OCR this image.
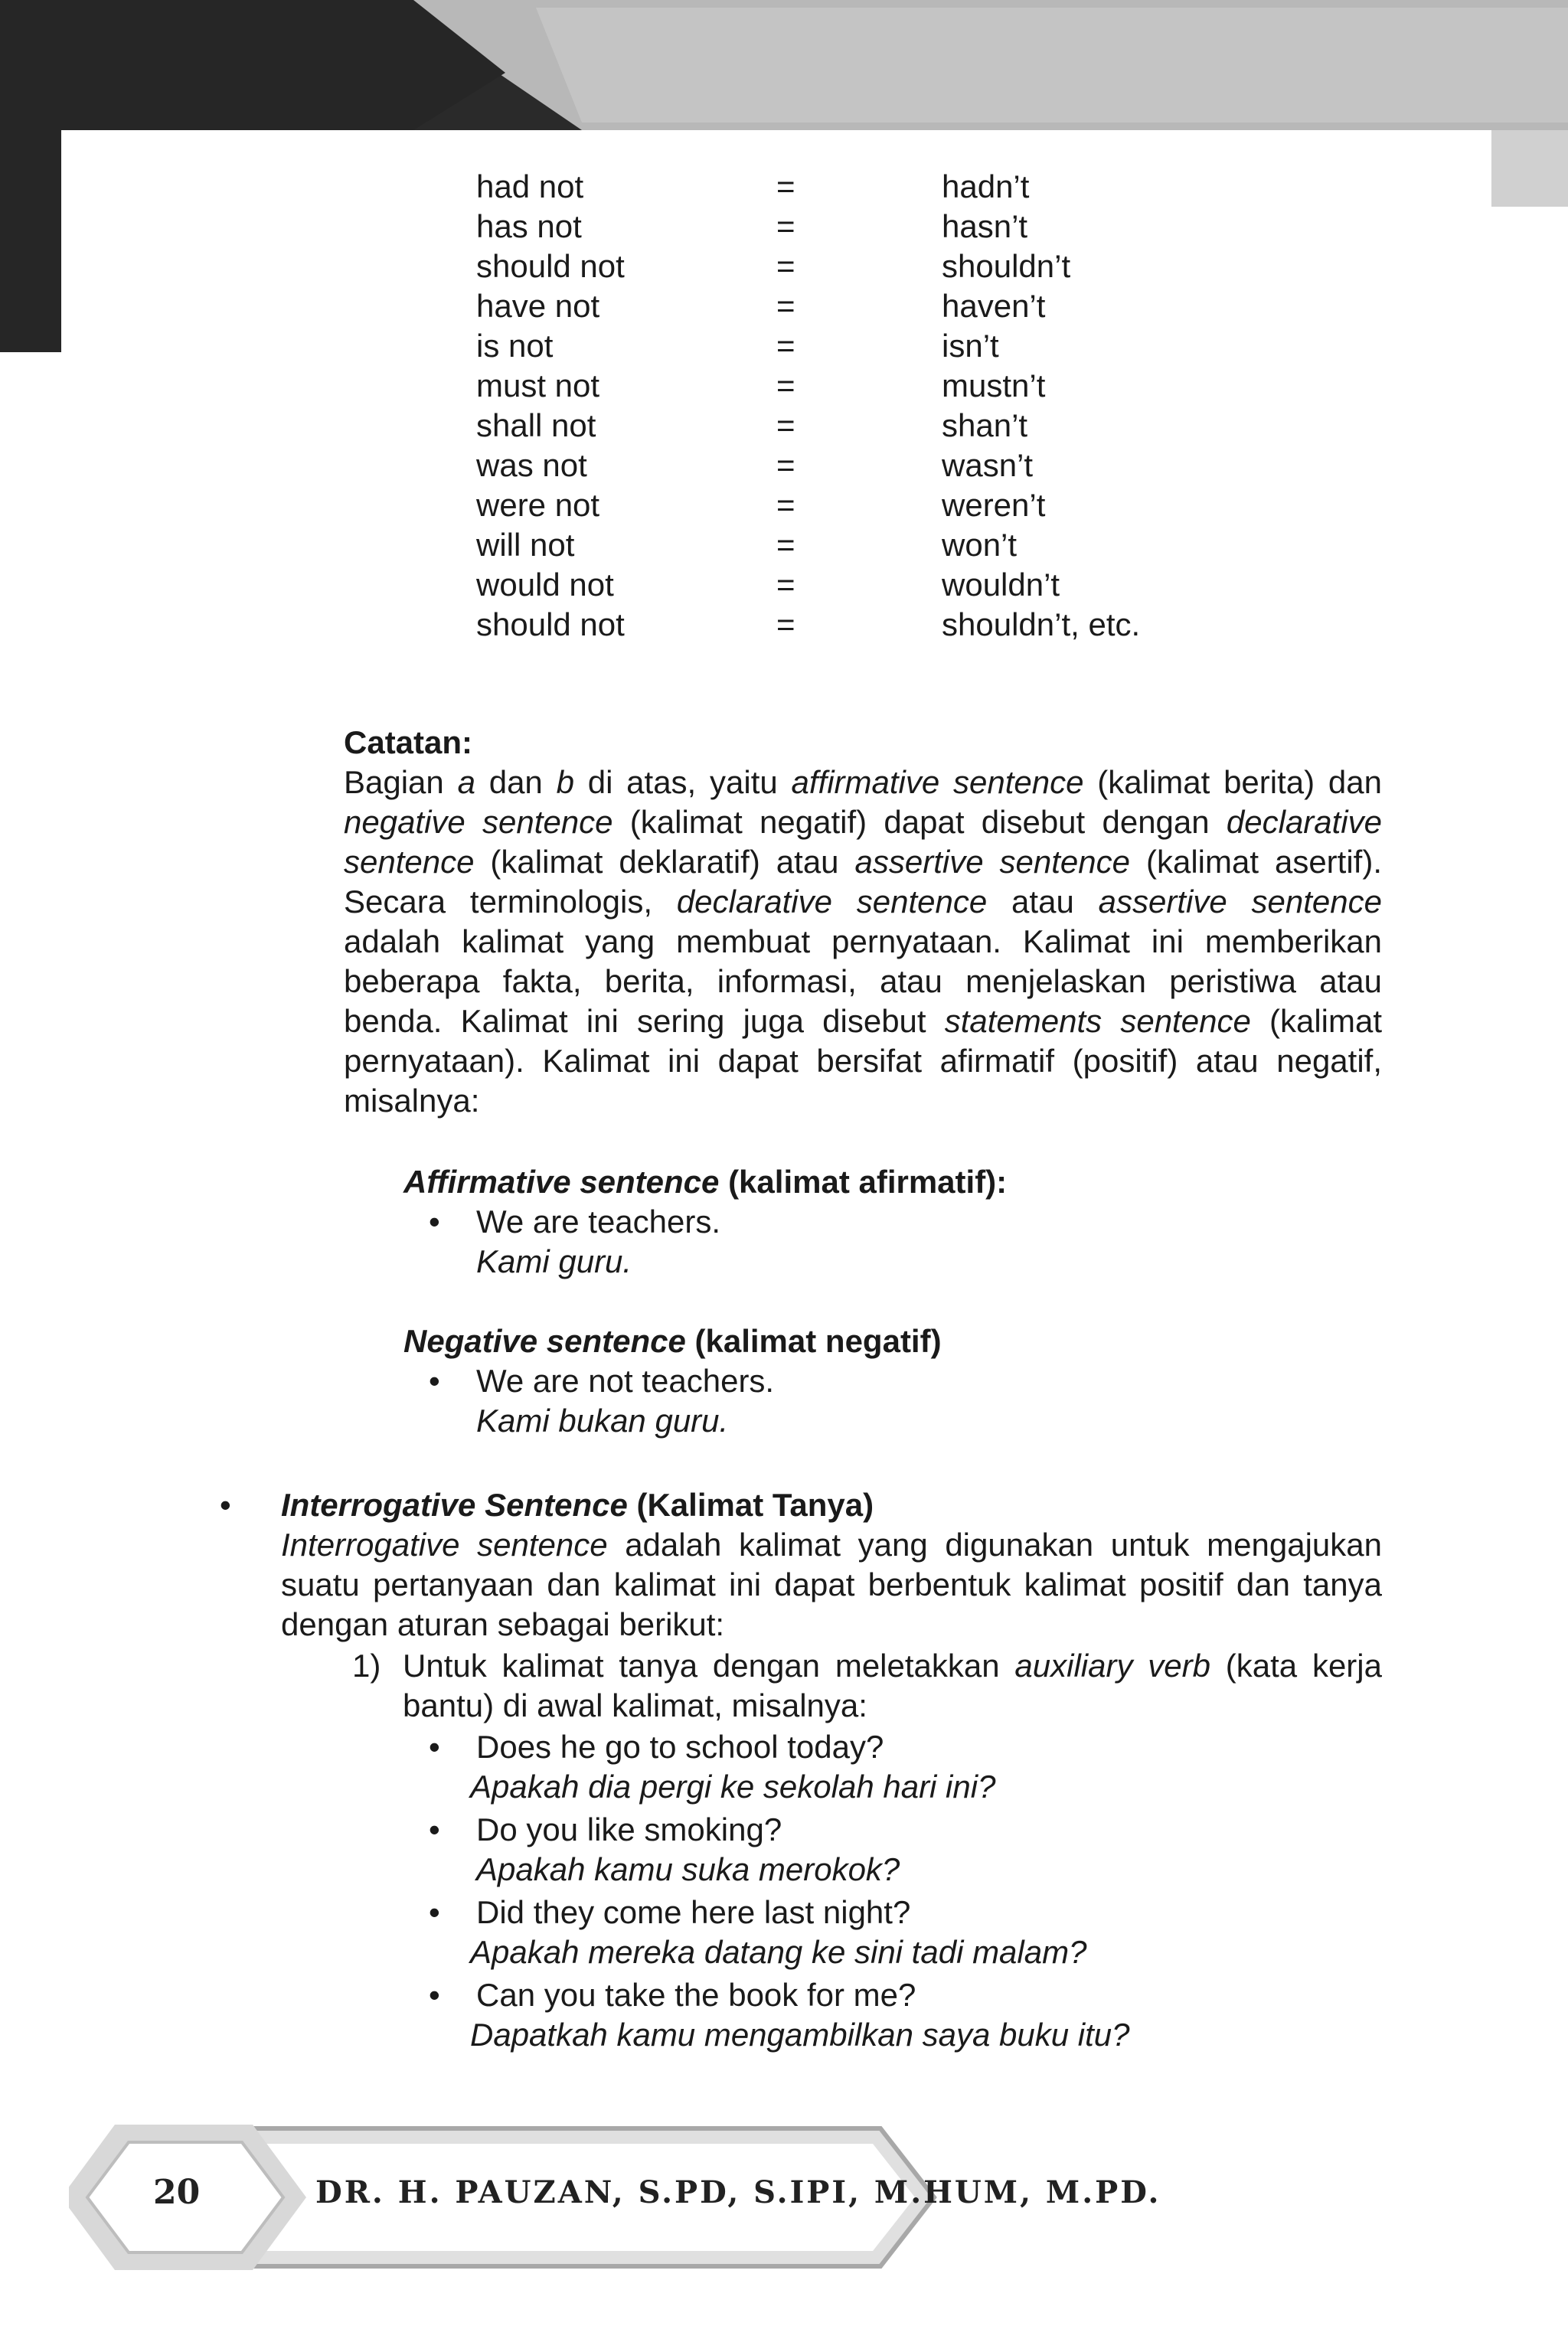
had not	=	hadn’t
has not	=	hasn’t
should not	=	shouldn’t
have not	=	haven’t
is not	=	isn’t
must not	=	mustn’t
shall not	=	shan’t
was not	=	wasn’t
were not	=	weren’t
will not	=	won’t
would not	=	wouldn’t
should not	=	shouldn’t, etc.
Catatan:
Bagian a dan b di atas, yaitu affirmative sentence (kalimat berita) dan negative sentence (kalimat negatif) dapat disebut dengan declarative sentence (kalimat deklaratif) atau assertive sentence (kalimat asertif). Secara terminologis, declarative sentence atau assertive sentence adalah kalimat yang membuat pernyataan. Kalimat ini memberikan beberapa fakta, berita, informasi, atau menjelaskan peristiwa atau benda. Kalimat ini sering juga disebut statements sentence (kalimat pernyataan). Kalimat ini dapat bersifat afirmatif (positif) atau negatif, misalnya:
Affirmative sentence (kalimat afirmatif):
• We are teachers.
Kami guru.
Negative sentence (kalimat negatif)
• We are not teachers.
Kami bukan guru.
• Interrogative Sentence (Kalimat Tanya)
Interrogative sentence adalah kalimat yang digunakan untuk mengajukan suatu pertanyaan dan kalimat ini dapat berbentuk kalimat positif dan tanya dengan aturan sebagai berikut:
1) Untuk kalimat tanya dengan meletakkan auxiliary verb (kata kerja bantu) di awal kalimat, misalnya:
• Does he go to school today?
Apakah dia pergi ke sekolah hari ini?
• Do you like smoking?
Apakah kamu suka merokok?
• Did they come here last night?
Apakah mereka datang ke sini tadi malam?
• Can you take the book for me?
Dapatkah kamu mengambilkan saya buku itu?
20	DR. H. PAUZAN, S.PD, S.IPI, M.HUM, M.PD.
